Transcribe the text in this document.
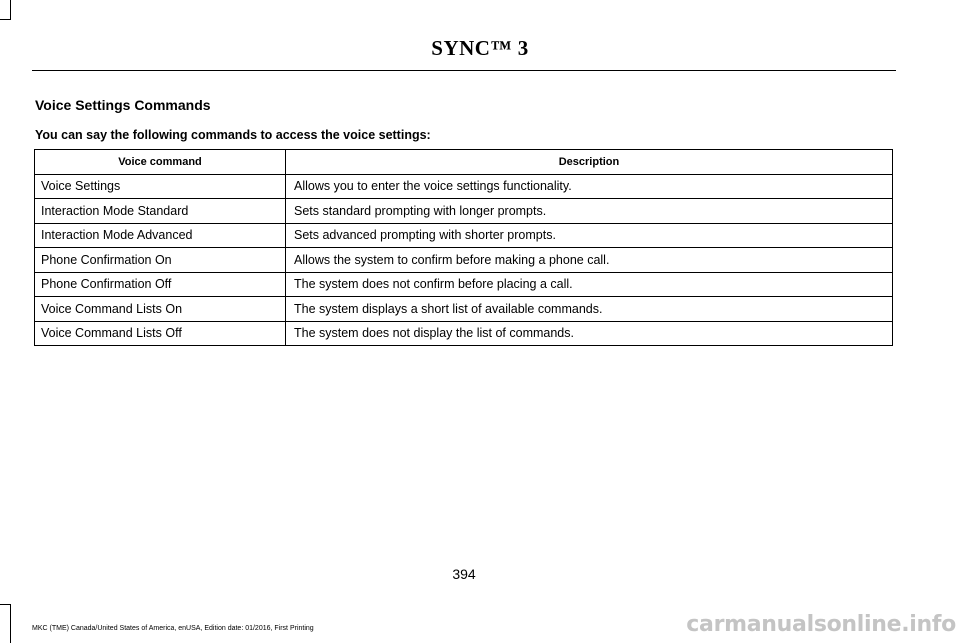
SYNC™ 3
Voice Settings Commands
You can say the following commands to access the voice settings:
Voice command	Description
Voice Settings	Allows you to enter the voice settings functionality.
Interaction Mode Standard	Sets standard prompting with longer prompts.
Interaction Mode Advanced	Sets advanced prompting with shorter prompts.
Phone Confirmation On	Allows the system to confirm before making a phone call.
Phone Confirmation Off	The system does not confirm before placing a call.
Voice Command Lists On	The system displays a short list of available commands.
Voice Command Lists Off	The system does not display the list of commands.
394
MKC (TME) Canada/United States of America, enUSA, Edition date: 01/2016, First Printing	carmanualsonline.info
